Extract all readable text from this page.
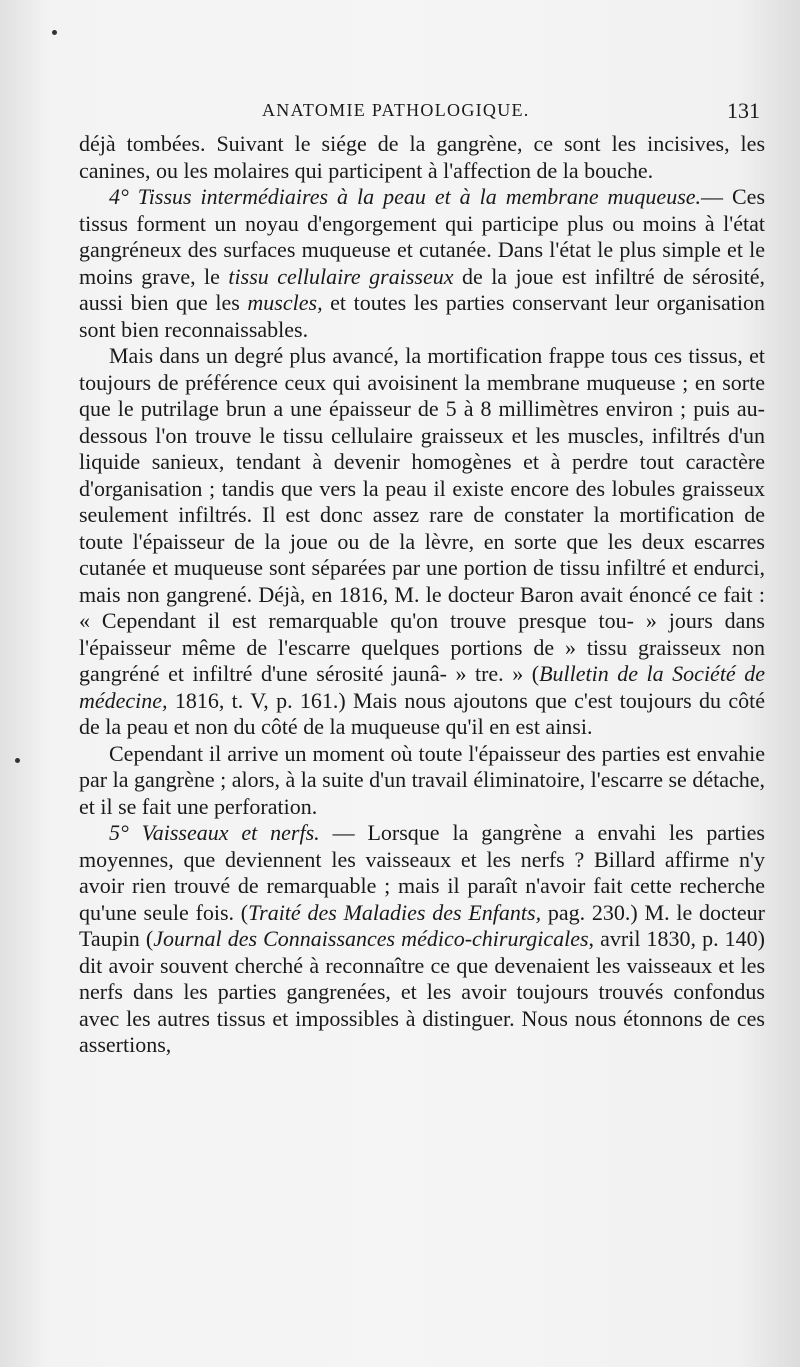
ANATOMIE PATHOLOGIQUE.	131

déjà tombées. Suivant le siége de la gangrène, ce sont les incisives, les canines, ou les molaires qui participent à l'affection de la bouche.

4° Tissus intermédiaires à la peau et à la membrane muqueuse.— Ces tissus forment un noyau d'engorgement qui participe plus ou moins à l'état gangréneux des surfaces muqueuse et cutanée. Dans l'état le plus simple et le moins grave, le tissu cellulaire graisseux de la joue est infiltré de sérosité, aussi bien que les muscles, et toutes les parties conservant leur organisation sont bien reconnaissables.

Mais dans un degré plus avancé, la mortification frappe tous ces tissus, et toujours de préférence ceux qui avoisinent la membrane muqueuse ; en sorte que le putrilage brun a une épaisseur de 5 à 8 millimètres environ ; puis au-dessous l'on trouve le tissu cellulaire graisseux et les muscles, infiltrés d'un liquide sanieux, tendant à devenir homogènes et à perdre tout caractère d'organisation ; tandis que vers la peau il existe encore des lobules graisseux seulement infiltrés. Il est donc assez rare de constater la mortification de toute l'épaisseur de la joue ou de la lèvre, en sorte que les deux escarres cutanée et muqueuse sont séparées par une portion de tissu infiltré et endurci, mais non gangrené. Déjà, en 1816, M. le docteur Baron avait énoncé ce fait : « Cependant il est remarquable qu'on trouve presque tou- » jours dans l'épaisseur même de l'escarre quelques portions de » tissu graisseux non gangréné et infiltré d'une sérosité jaunâ- » tre. » (Bulletin de la Société de médecine, 1816, t. V, p. 161.) Mais nous ajoutons que c'est toujours du côté de la peau et non du côté de la muqueuse qu'il en est ainsi.

Cependant il arrive un moment où toute l'épaisseur des parties est envahie par la gangrène ; alors, à la suite d'un travail éliminatoire, l'escarre se détache, et il se fait une perforation.

5° Vaisseaux et nerfs. — Lorsque la gangrène a envahi les parties moyennes, que deviennent les vaisseaux et les nerfs ? Billard affirme n'y avoir rien trouvé de remarquable ; mais il paraît n'avoir fait cette recherche qu'une seule fois. (Traité des Maladies des Enfants, pag. 230.) M. le docteur Taupin (Journal des Connaissances médico-chirurgicales, avril 1830, p. 140) dit avoir souvent cherché à reconnaître ce que devenaient les vaisseaux et les nerfs dans les parties gangrenées, et les avoir toujours trouvés confondus avec les autres tissus et impossibles à distinguer. Nous nous étonnons de ces assertions,
